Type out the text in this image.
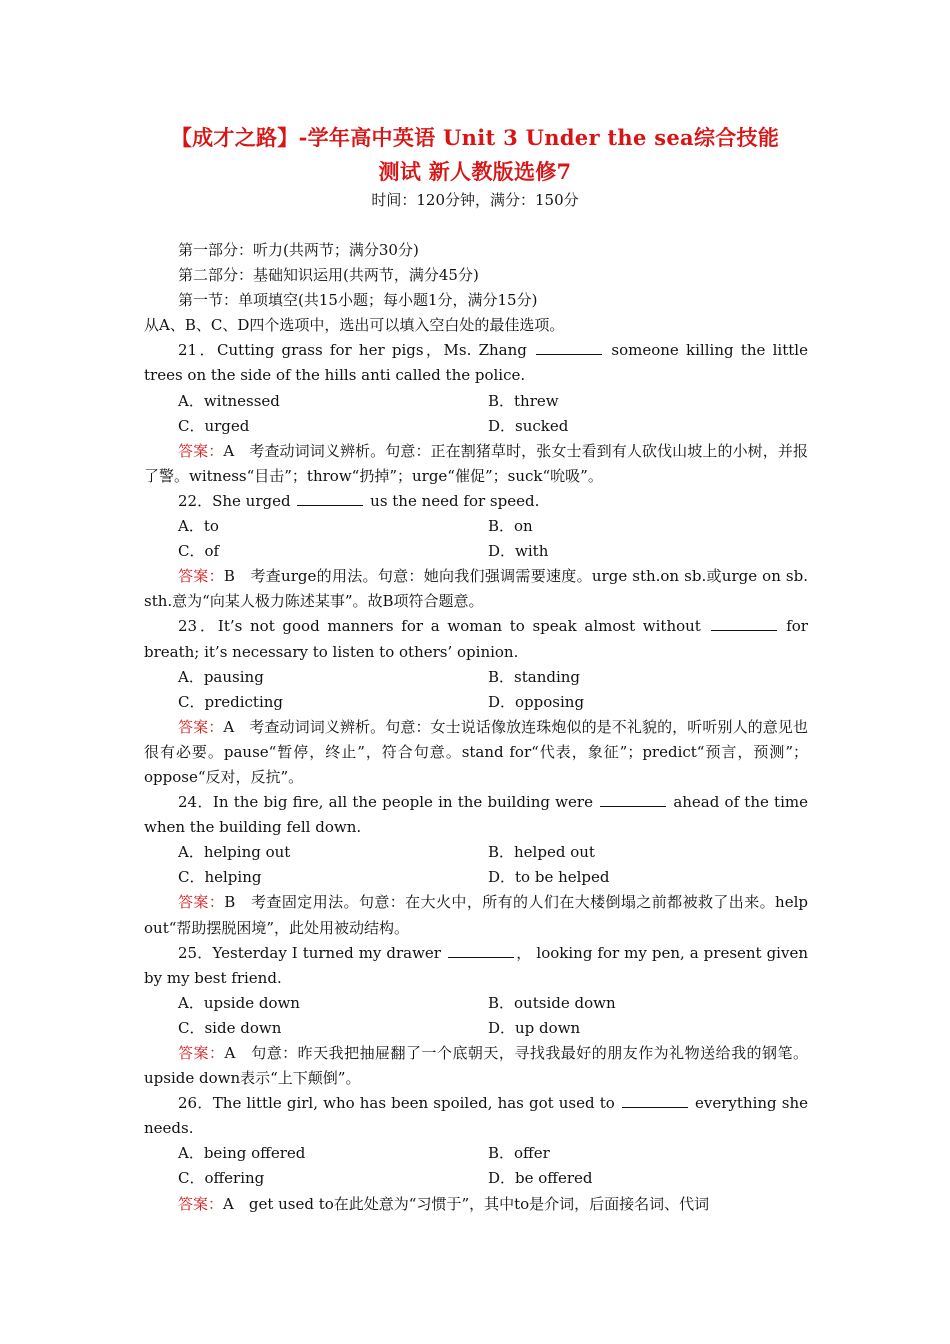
【成才之路】-学年高中英语 Unit 3 Under the sea综合技能
测试 新人教版选修7
时间：120分钟，满分：150分

第一部分：听力(共两节；满分30分)

第二部分：基础知识运用(共两节，满分45分)

第一节：单项填空(共15小题；每小题1分，满分15分)

从A、B、C、D四个选项中，选出可以填入空白处的最佳选项。

21．Cutting grass for her pigs，Ms. Zhang	someone killing the little trees on the side of the hills anti called the police.

A．witnessed	B．threw

C．urged	D．sucked

答案：A　考查动词词义辨析。句意：正在割猪草时，张女士看到有人砍伐山坡上的小树，并报了警。witness“目击”；throw“扔掉”；urge“催促”；suck“吮吸”。

22．She urged	us the need for speed.

A．to	B．on

C．of	D．with

答案：B　考查urge的用法。句意：她向我们强调需要速度。urge sth.on sb.或urge on sb. sth.意为“向某人极力陈述某事”。故B项符合题意。

23．It’s not good manners for a woman to speak almost without	for breath; it’s necessary to listen to others’ opinion.

A．pausing	B．standing

C．predicting	D．opposing

答案：A　考查动词词义辨析。句意：女士说话像放连珠炮似的是不礼貌的，听听别人的意见也很有必要。pause“暂停，终止”，符合句意。stand for“代表，象征”；predict“预言，预测”；oppose“反对，反抗”。

24．In the big fire, all the people in the building were	ahead of the time when the building fell down.

A．helping out	B．helped out

C．helping	D．to be helped

答案：B　考查固定用法。句意：在大火中，所有的人们在大楼倒塌之前都被救了出来。help out“帮助摆脱困境”，此处用被动结构。

25．Yesterday I turned my drawer	， looking for my pen, a present given by my best friend.

A．upside down	B．outside down

C．side down	D．up down

答案：A　句意：昨天我把抽屉翻了一个底朝天，寻找我最好的朋友作为礼物送给我的钢笔。upside down表示“上下颠倒”。

26．The little girl, who has been spoiled, has got used to	everything she needs.

A．being offered	B．offer

C．offering	D．be offered

答案：A　get used to在此处意为“习惯于”，其中to是介词，后面接名词、代词
